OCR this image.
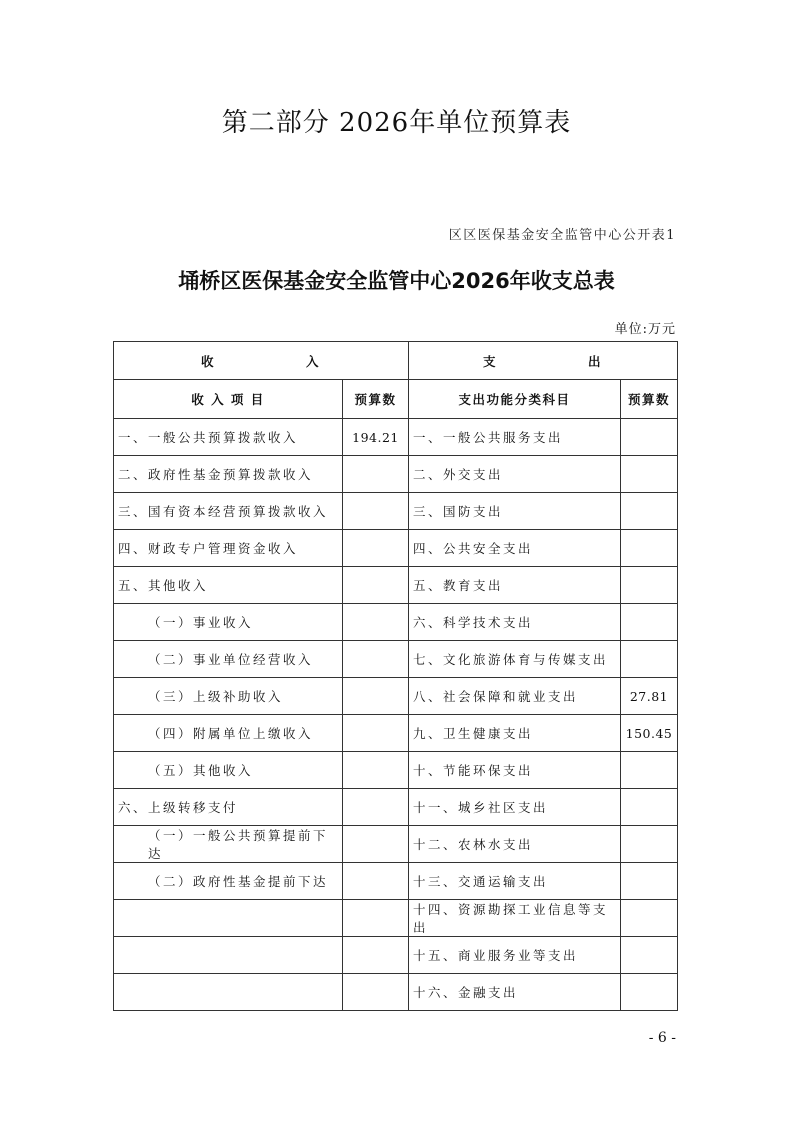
第二部分 2026年单位预算表
区区医保基金安全监管中心公开表1
埇桥区医保基金安全监管中心2026年收支总表
单位:万元
收 入		支 出	
收 入 项 目	预算数	支出功能分类科目	预算数
一、一般公共预算拨款收入	194.21	一、一般公共服务支出	
二、政府性基金预算拨款收入		二、外交支出	
三、国有资本经营预算拨款收入		三、国防支出	
四、财政专户管理资金收入		四、公共安全支出	
五、其他收入		五、教育支出	
（一）事业收入		六、科学技术支出	
（二）事业单位经营收入		七、文化旅游体育与传媒支出	
（三）上级补助收入		八、社会保障和就业支出	27.81
（四）附属单位上缴收入		九、卫生健康支出	150.45
（五）其他收入		十、节能环保支出	
六、上级转移支付		十一、城乡社区支出	
（一）一般公共预算提前下达		十二、农林水支出	
（二）政府性基金提前下达		十三、交通运输支出	
		十四、资源勘探工业信息等支出	
		十五、商业服务业等支出	
		十六、金融支出	
- 6 -
